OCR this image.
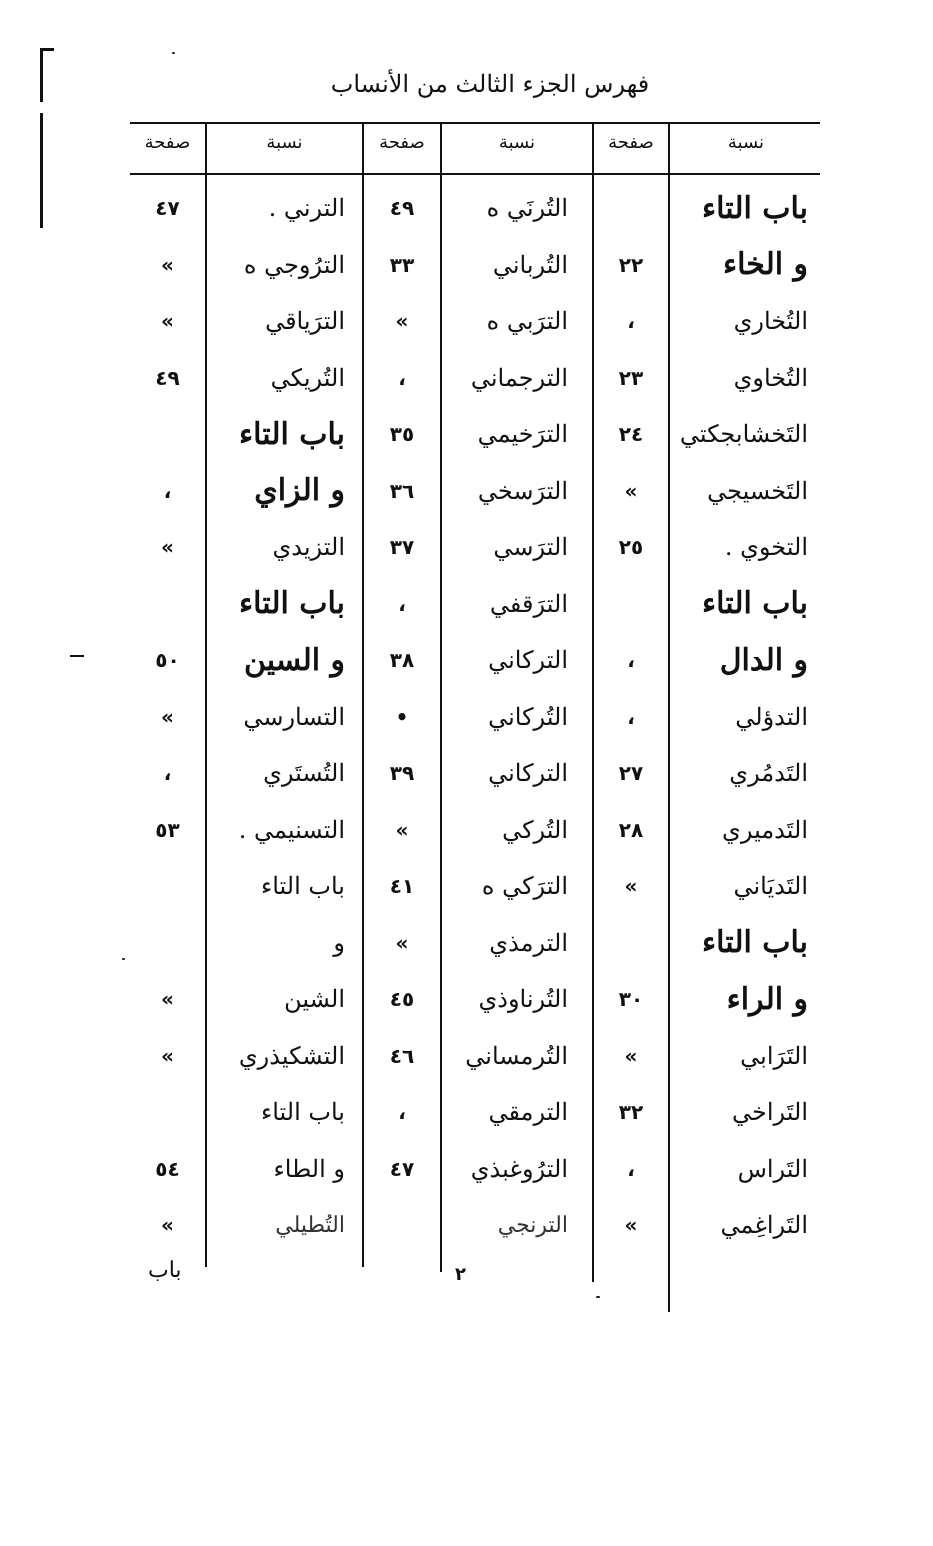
فهرس الجزء الثالث من الأنساب
نسبة
صفحة
نسبة
صفحة
نسبة
صفحة
باب التاء
و الخاء
التُخاري
التُخاوي
التَخشابجكتي
التَخسيجي
التخوي .
باب التاء
و الدال
التدؤلي
التَدمُري
التَدميري
التَديَاني
باب التاء
و الراء
التَرَابي
التَراخي
التَراس
التَراغِمي
٢٢
،
٢٣
٢٤
»
٢٥
،
،
٢٧
٢٨
»
٣٠
»
٣٢
،
»
التُرنَي ه
التُرباني
الترَبي ه
الترجماني
الترَخيمي
الترَسخي
الترَسي
الترَقفي
التركاني
التُركاني
التركاني
التُركي
الترَكي ه
الترمذي
التُرناوذي
التُرمساني
الترمقي
الترُوغبذي
الترنجي
٤٩
٣٣
»
،
٣٥
٣٦
٣٧
،
٣٨
•
٣٩
»
٤١
»
٤٥
٤٦
،
٤٧
الترني .
الترُوجي ه
الترَياقي
التُريكي
باب التاء
و الزاي
التزيدي
باب التاء
و السين
التسارسي
التُستَري
التسنيمي .
باب التاء
و
الشين
التشكيذري
باب التاء
و الطاء
التُطيلي
٤٧
»
»
٤٩
،
»
٥٠
»
،
٥٣
»
»
٥٤
»
باب	٢
